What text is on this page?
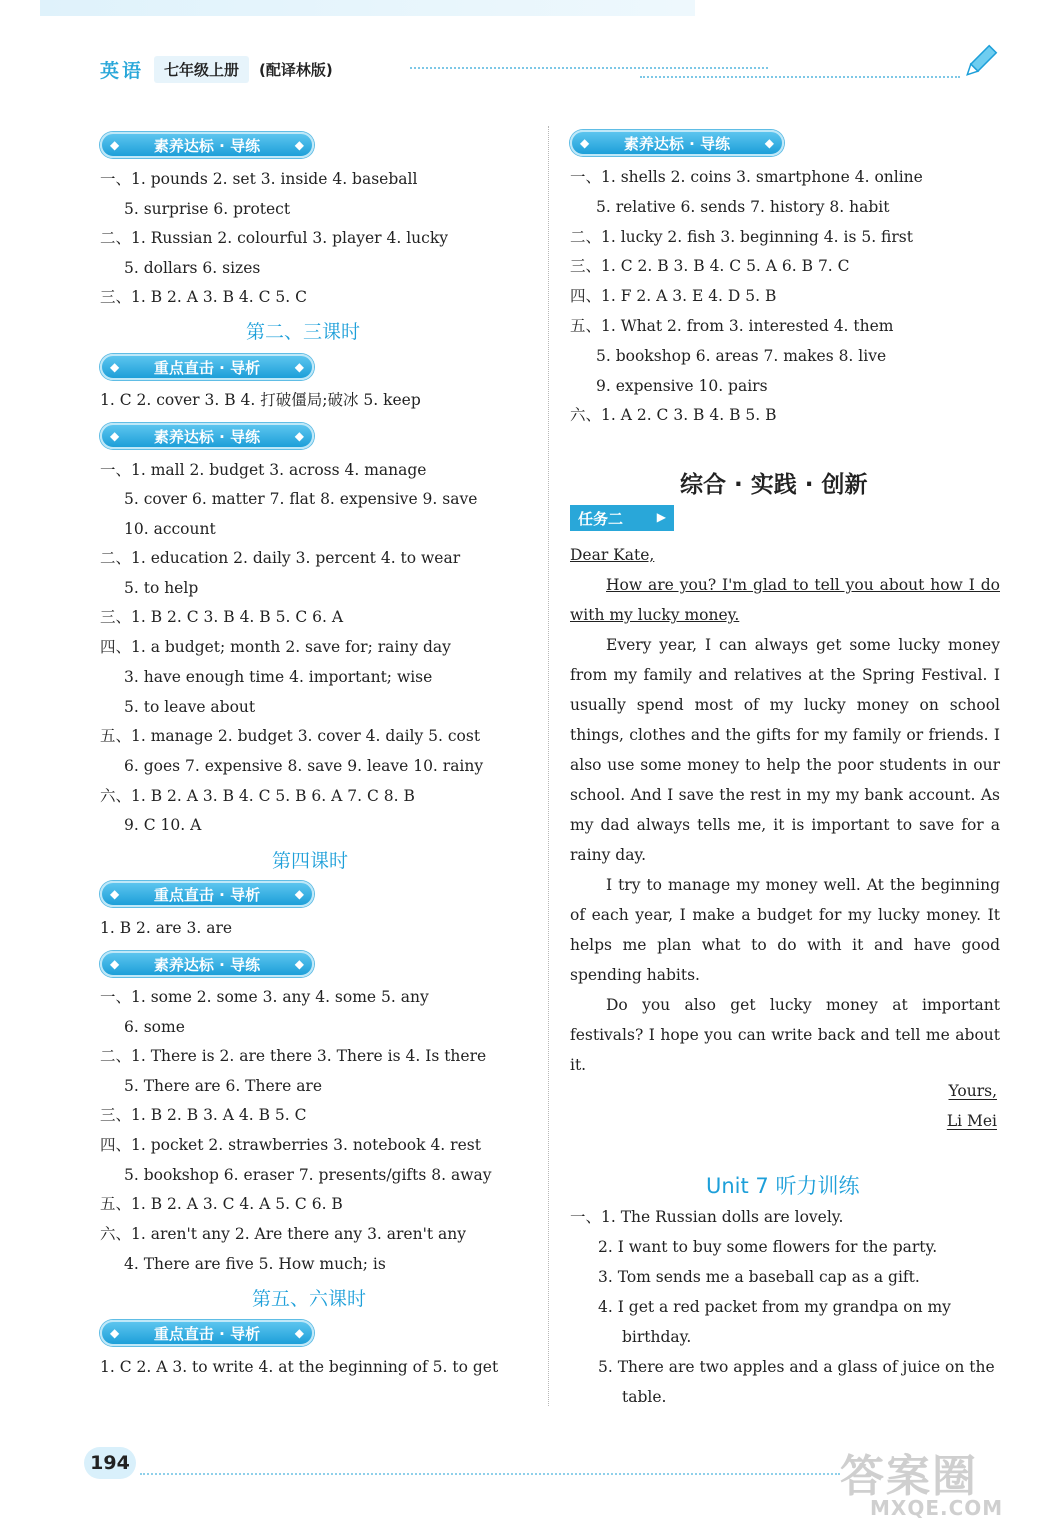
英语	七年级上册	(配译林版)
◆ 素养达标 · 导练	◆
一、1. pounds 2. set 3. inside 4. baseball
5. surprise 6. protect
二、1. Russian 2. colourful 3. player 4. lucky
5. dollars 6. sizes
三、1. B 2. A 3. B 4. C 5. C
第二、三课时
◆ 重点直击 · 导析	◆
1. C 2. cover 3. B 4. 打破僵局;破冰 5. keep
◆ 素养达标 · 导练	◆
一、1. mall 2. budget 3. across 4. manage
5. cover 6. matter 7. flat 8. expensive 9. save
10. account
二、1. education 2. daily 3. percent 4. to wear
5. to help
三、1. B 2. C 3. B 4. B 5. C 6. A
四、1. a budget; month 2. save for; rainy day
3. have enough time 4. important; wise
5. to leave about
五、1. manage 2. budget 3. cover 4. daily 5. cost
6. goes 7. expensive 8. save 9. leave 10. rainy
六、1. B 2. A 3. B 4. C 5. B 6. A 7. C 8. B
9. C 10. A
第四课时
◆ 重点直击 · 导析	◆
1. B 2. are 3. are
◆ 素养达标 · 导练	◆
一、1. some 2. some 3. any 4. some 5. any
6. some
二、1. There is 2. are there 3. There is 4. Is there
5. There are 6. There are
三、1. B 2. B 3. A 4. B 5. C
四、1. pocket 2. strawberries 3. notebook 4. rest
5. bookshop 6. eraser 7. presents/gifts 8. away
五、1. B 2. A 3. C 4. A 5. C 6. B
六、1. aren't any 2. Are there any 3. aren't any
4. There are five 5. How much; is
第五、六课时
◆ 重点直击 · 导析	◆
1. C 2. A 3. to write 4. at the beginning of 5. to get
◆ 素养达标 · 导练	◆
一、1. shells 2. coins 3. smartphone 4. online
5. relative 6. sends 7. history 8. habit
二、1. lucky 2. fish 3. beginning 4. is 5. first
三、1. C 2. B 3. B 4. C 5. A 6. B 7. C
四、1. F 2. A 3. E 4. D 5. B
五、1. What 2. from 3. interested 4. them
5. bookshop 6. areas 7. makes 8. live
9. expensive 10. pairs
六、1. A 2. C 3. B 4. B 5. B
综合 · 实践 · 创新
任务二	▶
Dear Kate,

How are you? I'm glad to tell you about how I do with my lucky money.

Every year, I can always get some lucky money from my family and relatives at the Spring Festival. I usually spend most of my lucky money on school things, clothes and the gifts for my family or friends. I also use some money to help the poor students in our school. And I save the rest in my my bank account. As my dad always tells me, it is important to save for a rainy day.

I try to manage my money well. At the beginning of each year, I make a budget for my lucky money. It helps me plan what to do with it and have good spending habits.

Do you also get lucky money at important festivals? I hope you can write back and tell me about it.

Yours,
Li Mei
Unit 7 听力训练
一、1. The Russian dolls are lovely.
2. I want to buy some flowers for the party.
3. Tom sends me a baseball cap as a gift.
4. I get a red packet from my grandpa on my
birthday.
5. There are two apples and a glass of juice on the
table.
194	答案圈
MXQE.COM
